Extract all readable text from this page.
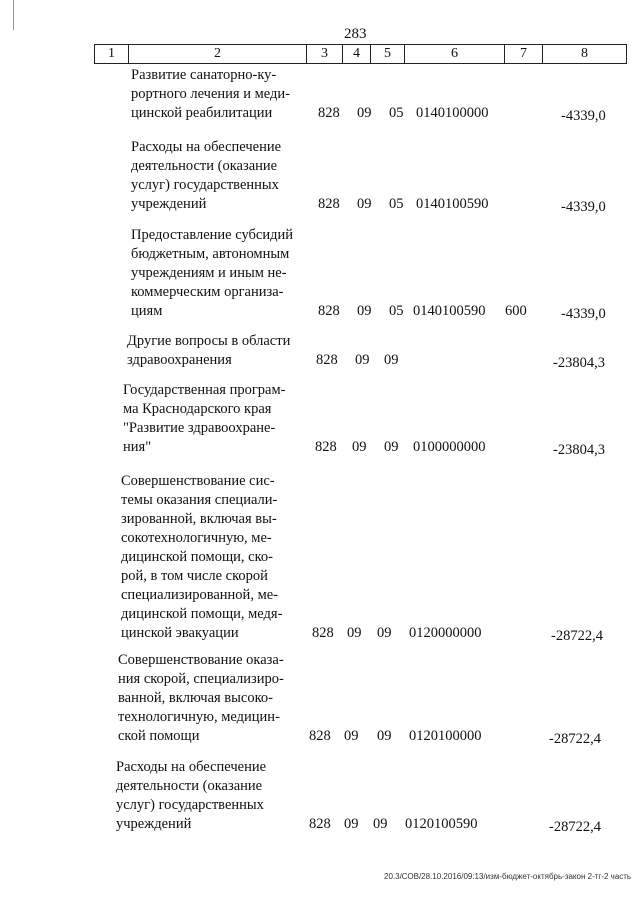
283
1	2	3	4	5	6	7	8
Развитие санаторно-ку-
рортного лечения и меди-
цинской реабилитации	828 09 05 0140100000	-4339,0
Расходы на обеспечение
деятельности (оказание
услуг) государственных
учреждений	828 09 05 0140100590	-4339,0
Предоставление субсидий
бюджетным, автономным
учреждениям и иным не-
коммерческим организа-
циям	828 09 05 0140100590 600 -4339,0
Другие вопросы в области
здравоохранения	828 09 09	-23804,3
Государственная програм-
ма Краснодарского края
"Развитие здравоохране-
ния"	828 09 09 0100000000	-23804,3
Совершенствование сис-
темы оказания специали-
зированной, включая вы-
сокотехнологичную, ме-
дицинской помощи, ско-
рой, в том числе скорой
специализированной, ме-
дицинской помощи, медя-
цинской эвакуации	828 09 09 0120000000	-28722,4
Совершенствование оказа-
ния скорой, специализиро-
ванной, включая высоко-
технологичную, медицин-
ской помощи	828 09 09 0120100000	-28722,4
Расходы на обеспечение
деятельности (оказание
услуг) государственных
учреждений	828 09 09 0120100590	-28722,4
20.3/СОВ/28.10.2016/09:13/изм-бюджет-октябрь-закон 2-тг-2 часть
